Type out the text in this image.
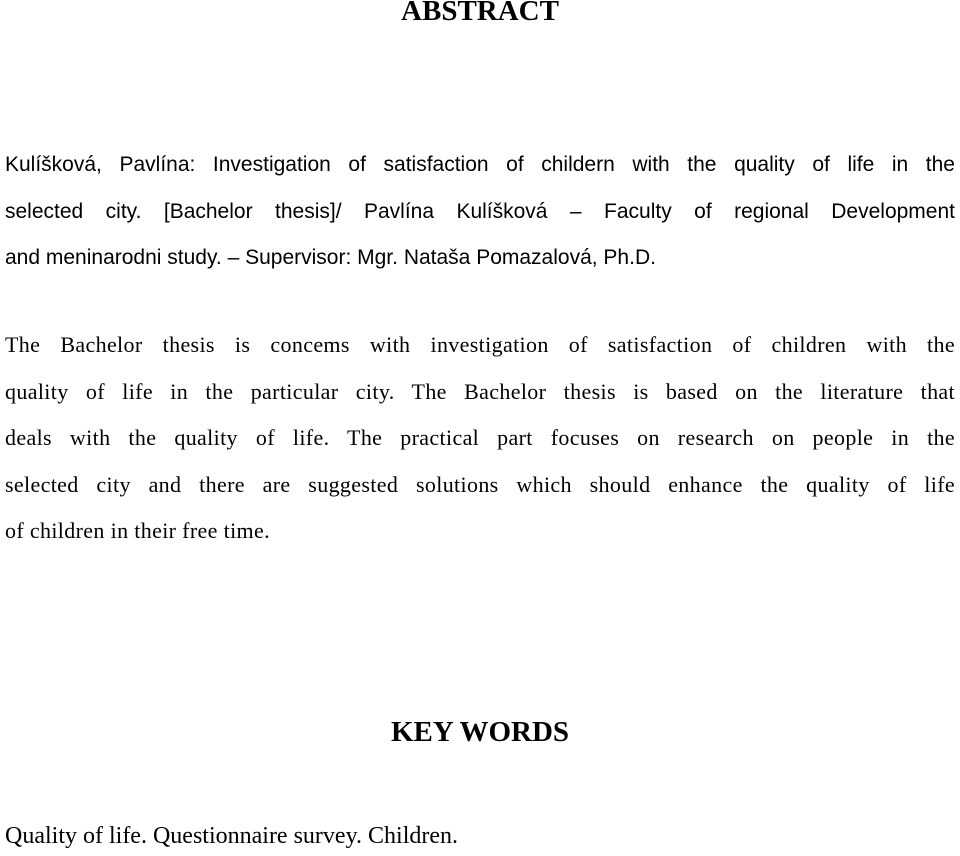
ABSTRACT
Kulíšková, Pavlína: Investigation of satisfaction of childern with the quality of life in the
selected city. [Bachelor thesis]/ Pavlína Kulíšková – Faculty of regional Development
and meninarodni study. – Supervisor: Mgr. Nataša Pomazalová, Ph.D.
The Bachelor thesis is concems with investigation of satisfaction of children with the
quality of life in the particular city. The Bachelor thesis is based on the literature that
deals with the quality of life. The practical part focuses on research on people in the
selected city and there are suggested solutions which should enhance the quality of life
of children in their free time.
KEY WORDS
Quality of life. Questionnaire survey. Children.
